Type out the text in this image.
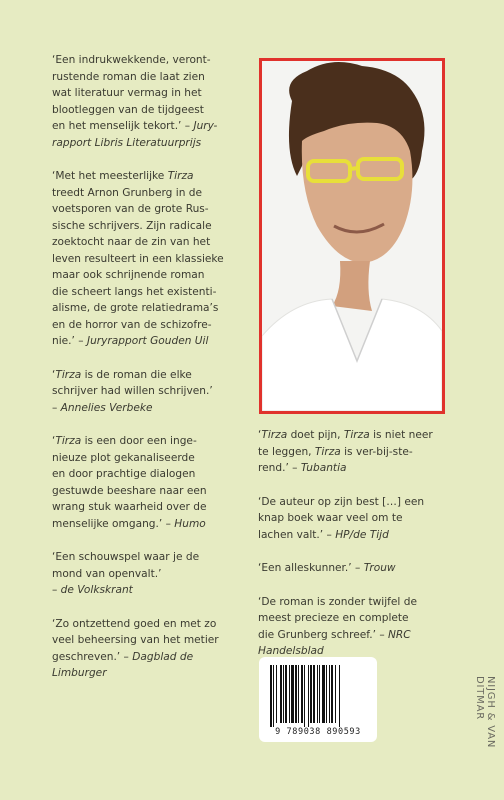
‘Een indrukwekkende, veront-

rustende roman die laat zien

wat literatuur vermag in het

blootleggen van de tijdgeest

en het menselijk tekort.’ – Jury-

rapport Libris Literatuurprijs

‘Met het meesterlijke Tirza

treedt Arnon Grunberg in de

voetsporen van de grote Rus-

sische schrijvers. Zijn radicale

zoektocht naar de zin van het

leven resulteert in een klassieke

maar ook schrijnende roman

die scheert langs het existenti-

alisme, de grote relatiedrama’s

en de horror van de schizofre-

nie.’ – Juryrapport Gouden Uil

‘Tirza is de roman die elke

schrijver had willen schrijven.’

– Annelies Verbeke

‘Tirza is een door een inge-

nieuze plot gekanaliseerde

en door prachtige dialogen

gestuwde beeshare naar een

wrang stuk waarheid over de

menselijke omgang.’ – Humo

‘Een schouwspel waar je de

mond van openvalt.’

– de Volkskrant

‘Zo ontzettend goed en met zo

veel beheersing van het metier

geschreven.’ – Dagblad de

Limburger

‘Tirza doet pijn, Tirza is niet neer

te leggen, Tirza is ver-bij-ste-

rend.’ – Tubantia

‘De auteur op zijn best […] een

knap boek waar veel om te

lachen valt.’ – HP/de Tijd

‘Een alleskunner.’ – Trouw

‘De roman is zonder twijfel de

meest precieze en complete

die Grunberg schreef.’ – NRC

Handelsblad

9 789038 890593	NIJGH & VAN DITMAR
